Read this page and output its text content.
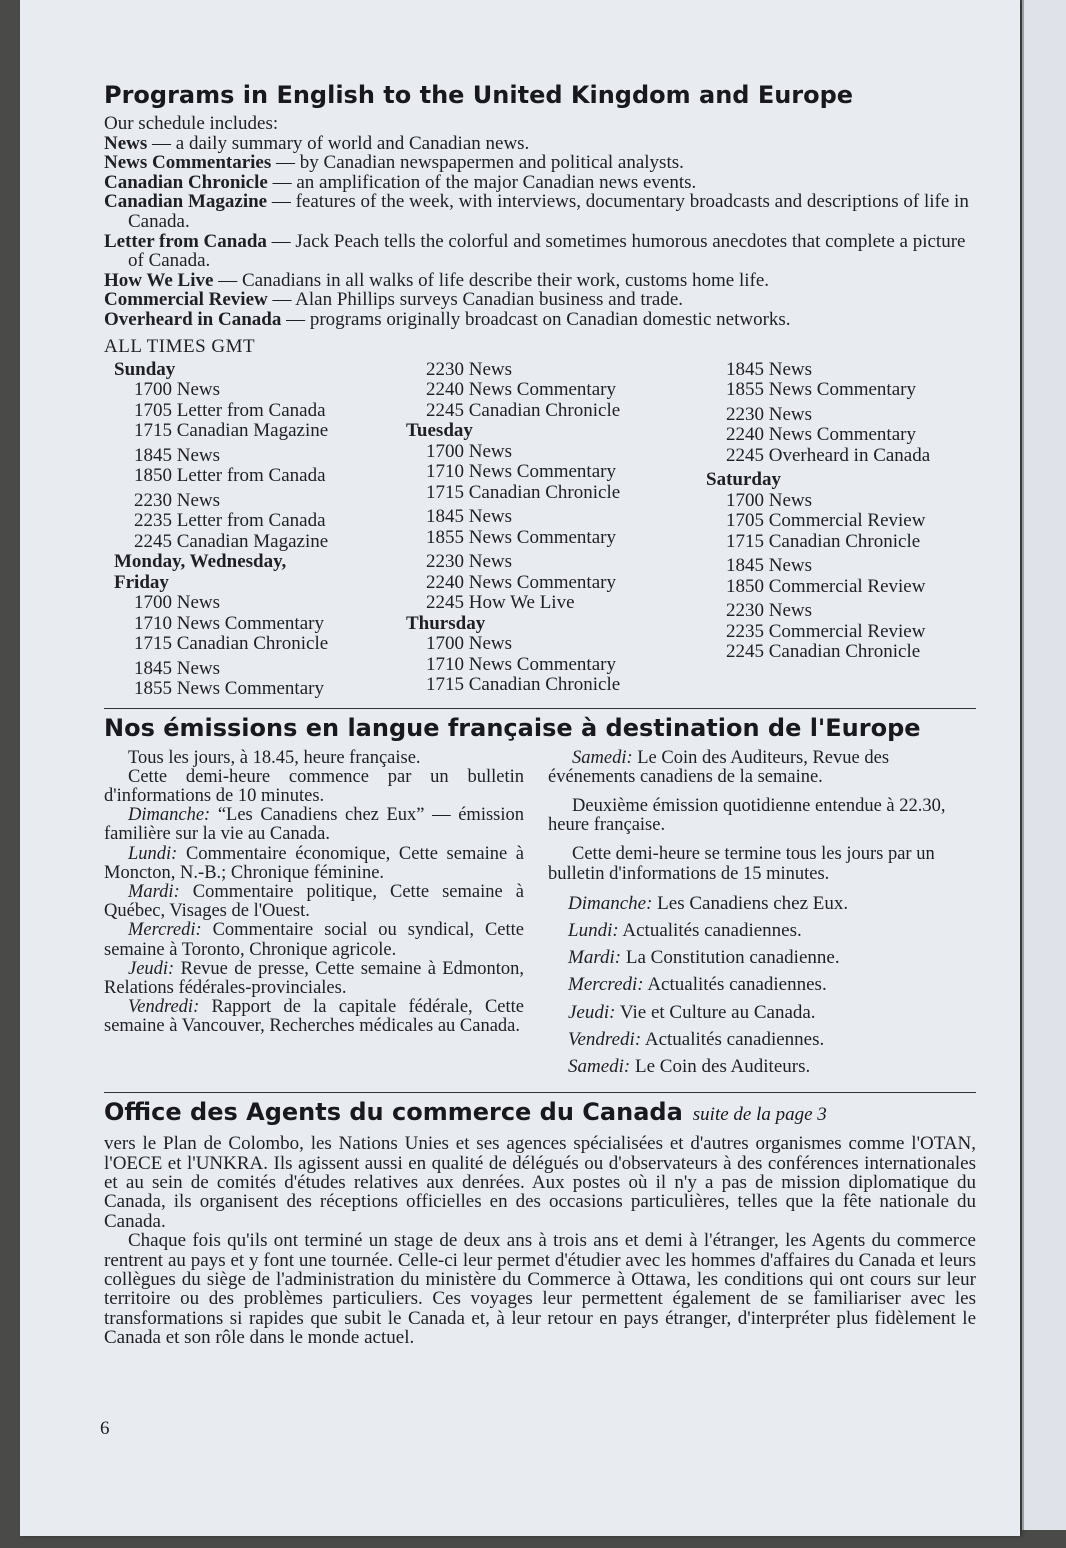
Programs in English to the United Kingdom and Europe
Our schedule includes:
News — a daily summary of world and Canadian news.
News Commentaries — by Canadian newspapermen and political analysts.
Canadian Chronicle — an amplification of the major Canadian news events.
Canadian Magazine — features of the week, with interviews, documentary broadcasts and descriptions of life in Canada.
Letter from Canada — Jack Peach tells the colorful and sometimes humorous anecdotes that complete a picture of Canada.
How We Live — Canadians in all walks of life describe their work, customs home life.
Commercial Review — Alan Phillips surveys Canadian business and trade.
Overheard in Canada — programs originally broadcast on Canadian domestic networks.
ALL TIMES GMT
Sunday
1700 News
1705 Letter from Canada
1715 Canadian Magazine
1845 News
1850 Letter from Canada
2230 News
2235 Letter from Canada
2245 Canadian Magazine
Monday, Wednesday,
Friday
1700 News
1710 News Commentary
1715 Canadian Chronicle
1845 News
1855 News Commentary
2230 News
2240 News Commentary
2245 Canadian Chronicle
Tuesday
1700 News
1710 News Commentary
1715 Canadian Chronicle
1845 News
1855 News Commentary
2230 News
2240 News Commentary
2245 How We Live
Thursday
1700 News
1710 News Commentary
1715 Canadian Chronicle
1845 News
1855 News Commentary
2230 News
2240 News Commentary
2245 Overheard in Canada
Saturday
1700 News
1705 Commercial Review
1715 Canadian Chronicle
1845 News
1850 Commercial Review
2230 News
2235 Commercial Review
2245 Canadian Chronicle
Nos émissions en langue française à destination de l'Europe

Tous les jours, à 18.45, heure française.

Cette demi-heure commence par un bulletin d'informations de 10 minutes.

Dimanche: “Les Canadiens chez Eux” — émission familière sur la vie au Canada.

Lundi: Commentaire économique, Cette semaine à Moncton, N.-B.; Chronique féminine.

Mardi: Commentaire politique, Cette semaine à Québec, Visages de l'Ouest.

Mercredi: Commentaire social ou syndical, Cette semaine à Toronto, Chronique agricole.

Jeudi: Revue de presse, Cette semaine à Edmonton, Relations fédérales-provinciales.

Vendredi: Rapport de la capitale fédérale, Cette semaine à Vancouver, Recherches médicales au Canada.

Samedi: Le Coin des Auditeurs, Revue des événements canadiens de la semaine.

Deuxième émission quotidienne entendue à 22.30, heure française.

Cette demi-heure se termine tous les jours par un bulletin d'informations de 15 minutes.

Dimanche: Les Canadiens chez Eux.

Lundi: Actualités canadiennes.

Mardi: La Constitution canadienne.

Mercredi: Actualités canadiennes.

Jeudi: Vie et Culture au Canada.

Vendredi: Actualités canadiennes.

Samedi: Le Coin des Auditeurs.

Office des Agents du commerce du Canada suite de la page 3

vers le Plan de Colombo, les Nations Unies et ses agences spécialisées et d'autres organismes comme l'OTAN, l'OECE et l'UNKRA. Ils agissent aussi en qualité de délégués ou d'observateurs à des conférences internationales et au sein de comités d'études relatives aux denrées. Aux postes où il n'y a pas de mission diplomatique du Canada, ils organisent des réceptions officielles en des occasions particulières, telles que la fête nationale du Canada.

Chaque fois qu'ils ont terminé un stage de deux ans à trois ans et demi à l'étranger, les Agents du commerce rentrent au pays et y font une tournée. Celle-ci leur permet d'étudier avec les hommes d'affaires du Canada et leurs collègues du siège de l'administration du ministère du Commerce à Ottawa, les conditions qui ont cours sur leur territoire ou des problèmes particuliers. Ces voyages leur permettent également de se familiariser avec les transformations si rapides que subit le Canada et, à leur retour en pays étranger, d'interpréter plus fidèlement le Canada et son rôle dans le monde actuel.

6
